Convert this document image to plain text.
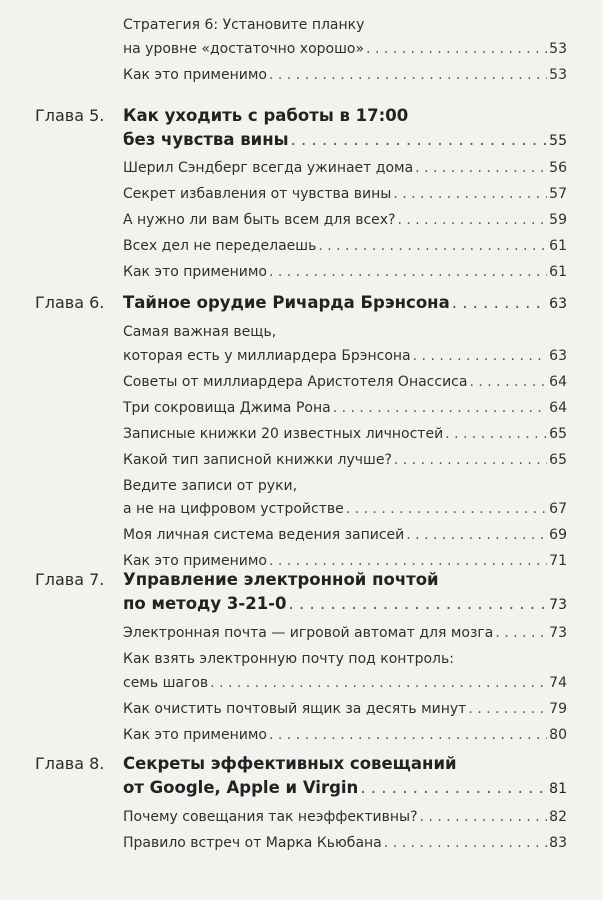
Стратегия 6: Установите планку
на уровне «достаточно хорошо» . . .	53
Как это применимо . . .	53
Глава 5. Как уходить с работы в 17:00
без чувства вины . . .	55
Шерил Сэндберг всегда ужинает дома . . .	56
Секрет избавления от чувства вины . . .	57
А нужно ли вам быть всем для всех? . . .	59
Всех дел не переделаешь . . .	61
Как это применимо . . .	61
Глава 6. Тайное орудие Ричарда Брэнсона . . .	63
Самая важная вещь,
которая есть у миллиардера Брэнсона . . .	63
Советы от миллиардера Аристотеля Онассиса . . .	64
Три сокровища Джима Рона . . .	64
Записные книжки 20 известных личностей . . .	65
Какой тип записной книжки лучше? . . .	65
Ведите записи от руки,
а не на цифровом устройстве . . .	67
Моя личная система ведения записей . . .	69
Как это применимо . . .	71
Глава 7. Управление электронной почтой
по методу 3-21-0 . . .	73
Электронная почта — игровой автомат для мозга . . .	73
Как взять электронную почту под контроль:
семь шагов . . .	74
Как очистить почтовый ящик за десять минут . . .	79
Как это применимо . . .	80
Глава 8. Секреты эффективных совещаний
от Google, Apple и Virgin . . .	81
Почему совещания так неэффективны? . . .	82
Правило встреч от Марка Кьюбана . . .	83
